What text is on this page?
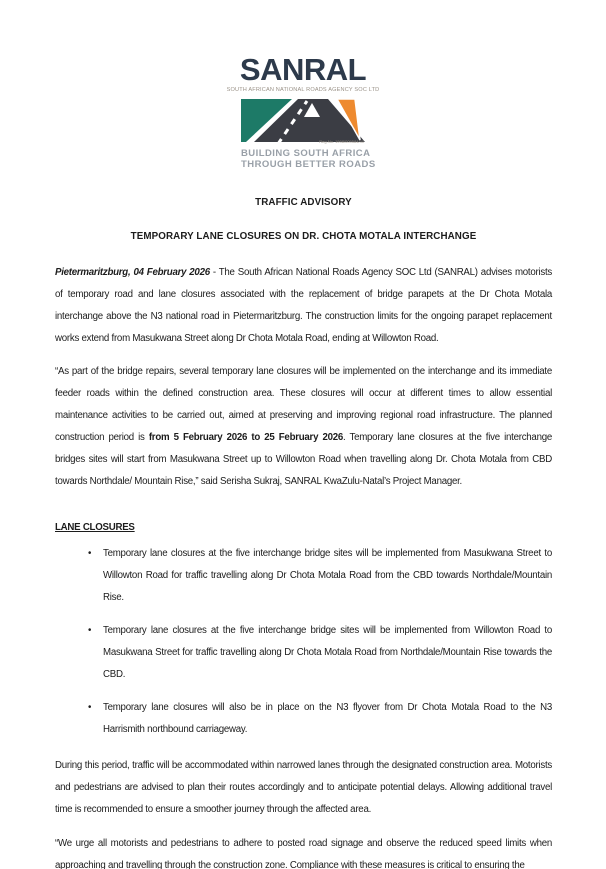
SANRAL
SOUTH AFRICAN NATIONAL ROADS AGENCY SOC LTD
Reg.No. 1998/009584/30
BUILDING SOUTH AFRICA
THROUGH BETTER ROADS
TRAFFIC ADVISORY
TEMPORARY LANE CLOSURES ON DR. CHOTA MOTALA INTERCHANGE

Pietermaritzburg, 04 February 2026 - The South African National Roads Agency SOC Ltd (SANRAL) advises motorists of temporary road and lane closures associated with the replacement of bridge parapets at the Dr Chota Motala interchange above the N3 national road in Pietermaritzburg. The construction limits for the ongoing parapet replacement works extend from Masukwana Street along Dr Chota Motala Road, ending at Willowton Road.

“As part of the bridge repairs, several temporary lane closures will be implemented on the interchange and its immediate feeder roads within the defined construction area. These closures will occur at different times to allow essential maintenance activities to be carried out, aimed at preserving and improving regional road infrastructure. The planned construction period is from 5 February 2026 to 25 February 2026. Temporary lane closures at the five interchange bridges sites will start from Masukwana Street up to Willowton Road when travelling along Dr. Chota Motala from CBD towards Northdale/ Mountain Rise,” said Serisha Sukraj, SANRAL KwaZulu-Natal’s Project Manager.

LANE CLOSURES
•	Temporary lane closures at the five interchange bridge sites will be implemented from Masukwana Street to Willowton Road for traffic travelling along Dr Chota Motala Road from the CBD towards Northdale/Mountain Rise.
•	Temporary lane closures at the five interchange bridge sites will be implemented from Willowton Road to Masukwana Street for traffic travelling along Dr Chota Motala Road from Northdale/Mountain Rise towards the CBD.
•	Temporary lane closures will also be in place on the N3 flyover from Dr Chota Motala Road to the N3 Harrismith northbound carriageway.

During this period, traffic will be accommodated within narrowed lanes through the designated construction area. Motorists and pedestrians are advised to plan their routes accordingly and to anticipate potential delays. Allowing additional travel time is recommended to ensure a smoother journey through the affected area.

“We urge all motorists and pedestrians to adhere to posted road signage and observe the reduced speed limits when approaching and travelling through the construction zone. Compliance with these measures is critical to ensuring the
